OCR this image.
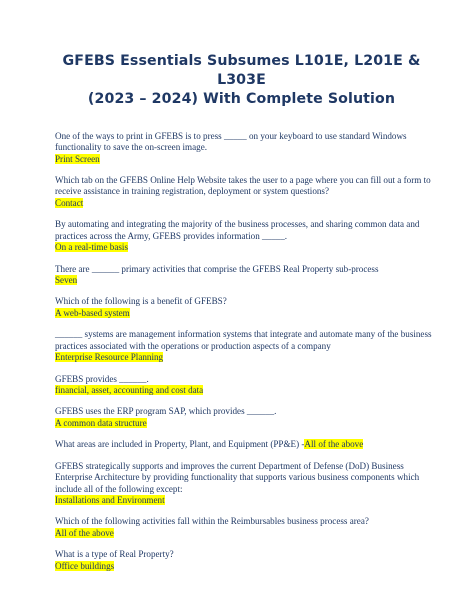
GFEBS Essentials Subsumes L101E, L201E & L303E
(2023 – 2024) With Complete Solution

One of the ways to print in GFEBS is to press _____ on your keyboard to use standard Windows functionality to save the on-screen image.

Print Screen

Which tab on the GFEBS Online Help Website takes the user to a page where you can fill out a form to receive assistance in training registration, deployment or system questions?

Contact

By automating and integrating the majority of the business processes, and sharing common data and practices across the Army, GFEBS provides information _____.

On a real-time basis

There are ______ primary activities that comprise the GFEBS Real Property sub-process

Seven

Which of the following is a benefit of GFEBS?

A web-based system

______ systems are management information systems that integrate and automate many of the business practices associated with the operations or production aspects of a company

Enterprise Resource Planning

GFEBS provides ______.

financial, asset, accounting and cost data

GFEBS uses the ERP program SAP, which provides ______.

A common data structure

What areas are included in Property, Plant, and Equipment (PP&E) -All of the above

GFEBS strategically supports and improves the current Department of Defense (DoD) Business Enterprise Architecture by providing functionality that supports various business components which include all of the following except:

Installations and Environment

Which of the following activities fall within the Reimbursables business process area?

All of the above

What is a type of Real Property?

Office buildings
